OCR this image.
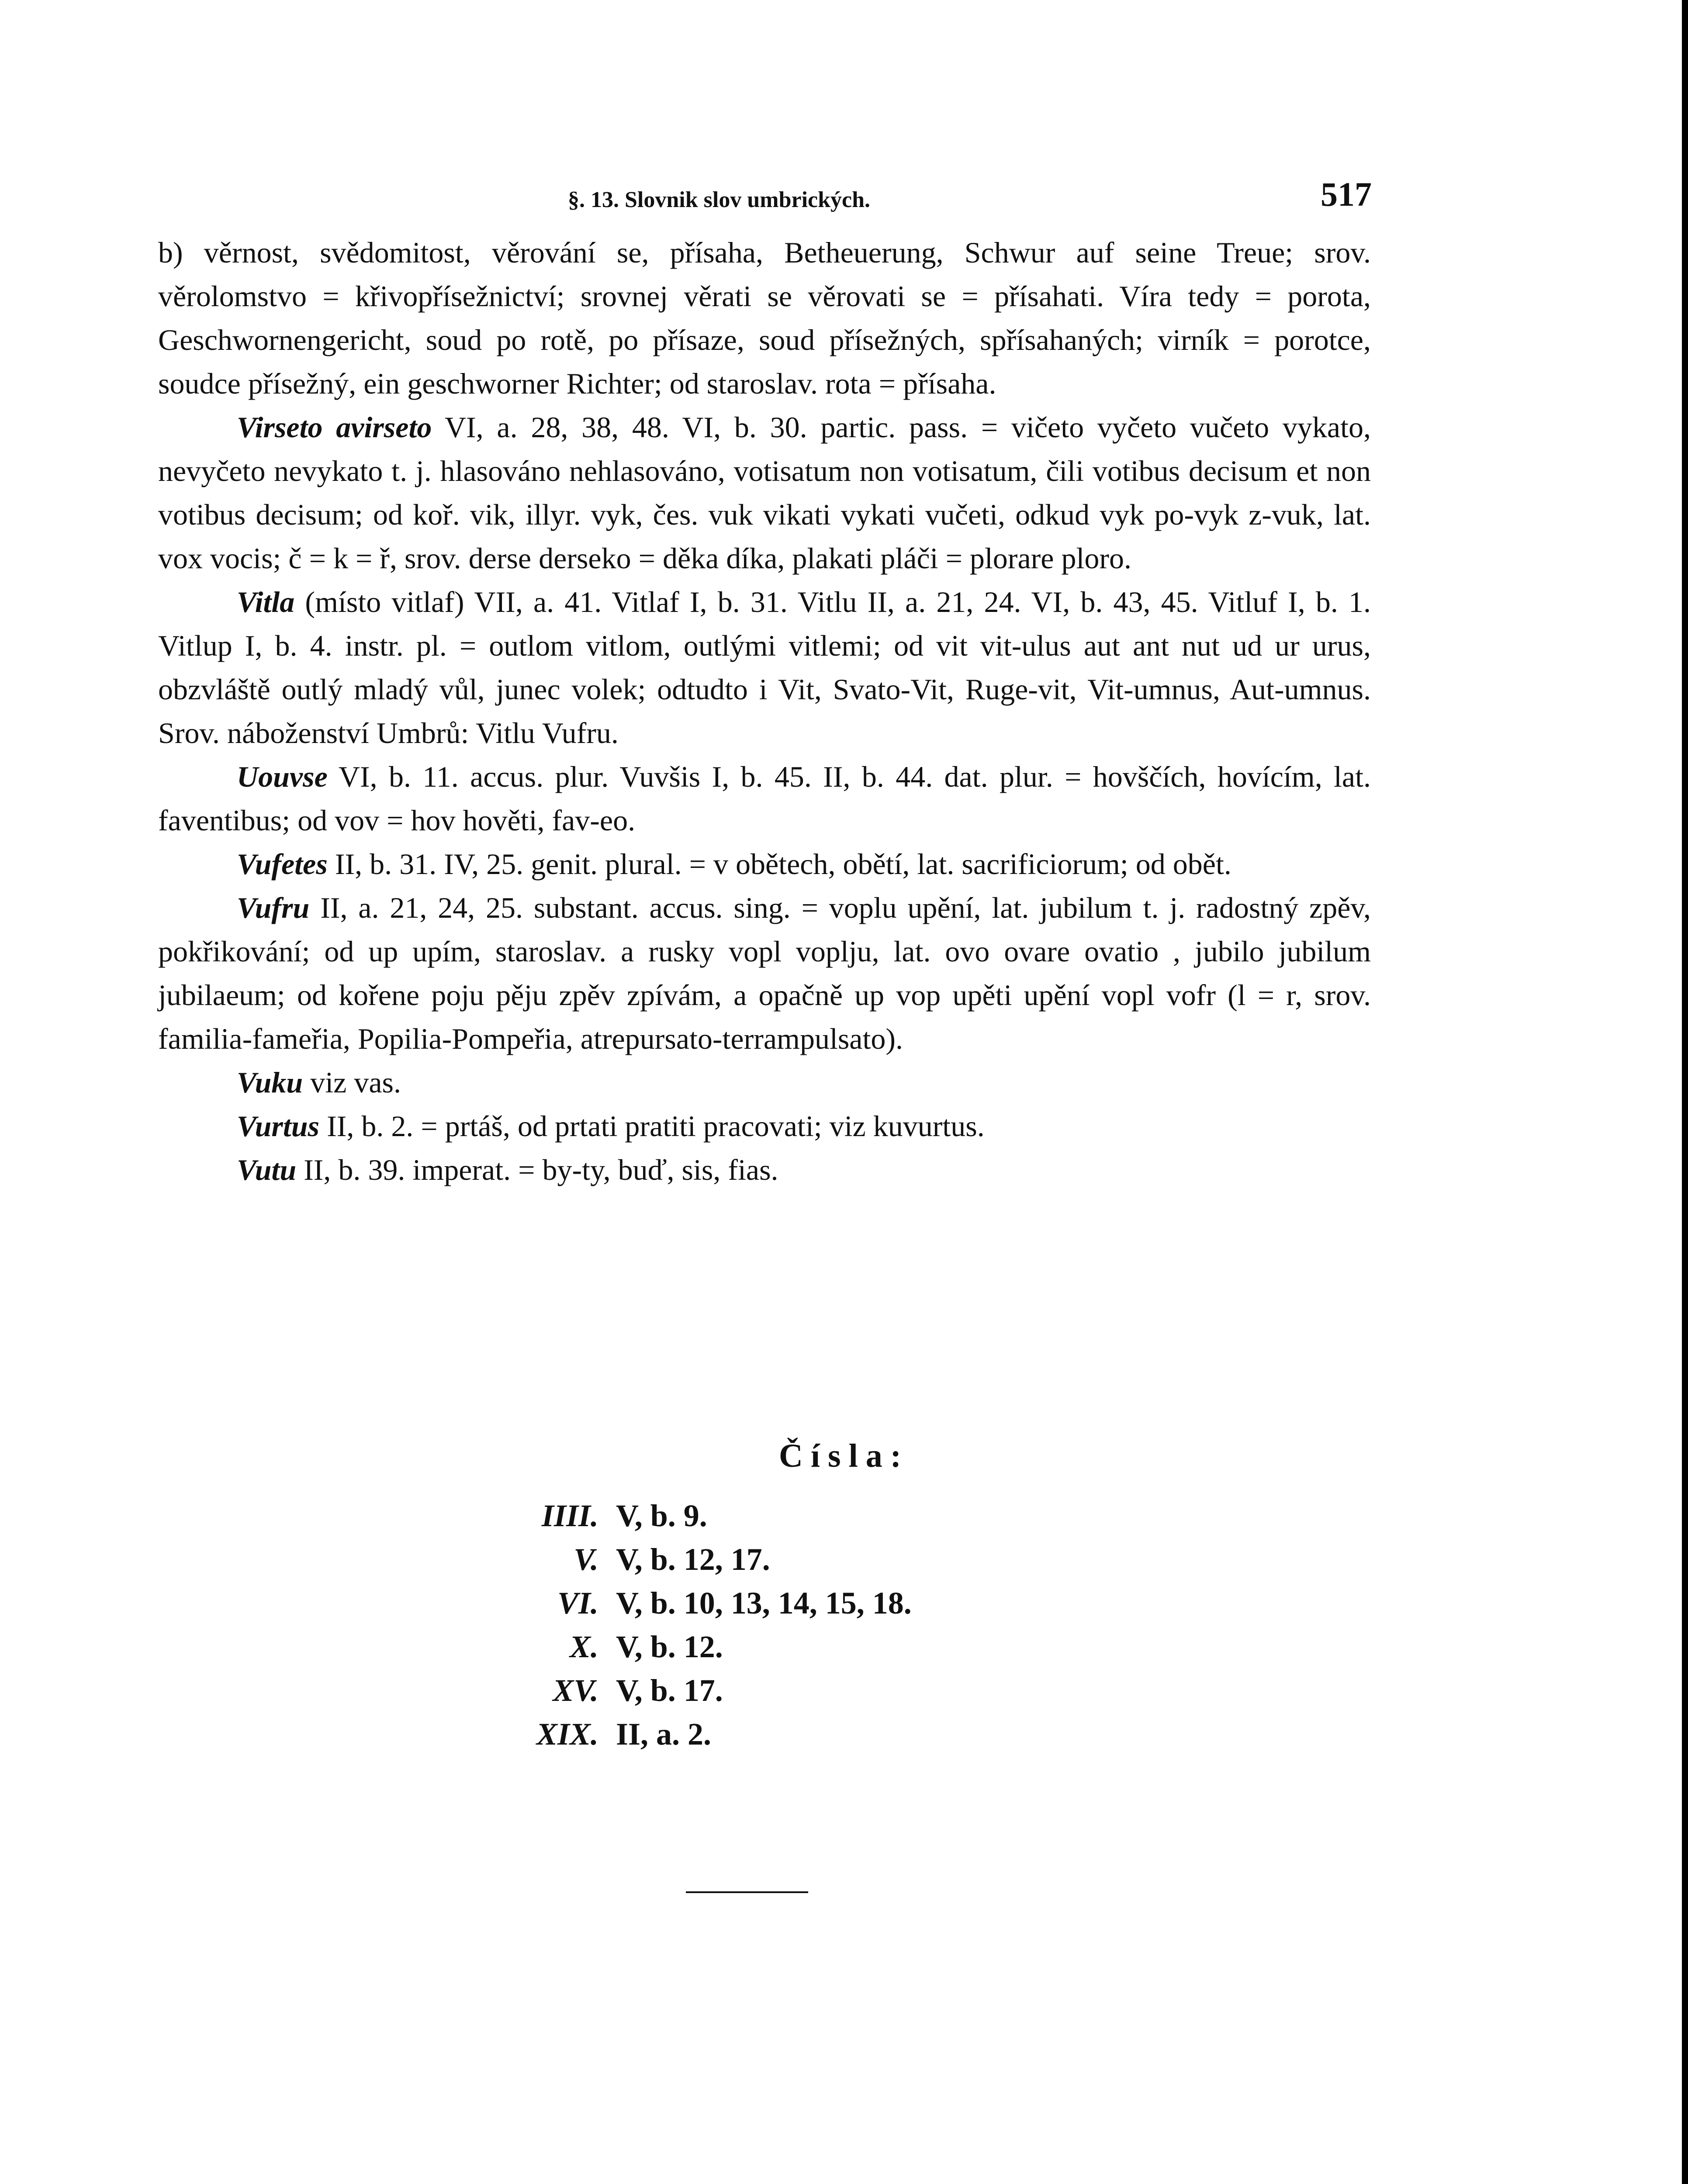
§. 13. Slovnik slov umbrických.	517

b) věrnost, svědomitost, věrování se, přísaha, Betheuerung, Schwur auf seine Treue; srov. věrolomstvo = křivopřísežnictví; srovnej věrati se věrovati se = přísahati. Víra tedy = porota, Geschwornengericht, soud po rotě, po přísaze, soud přísežných, spřísahaných; virník = porotce, soudce přísežný, ein geschworner Richter; od staroslav. rota = přísaha.

Virseto avirseto VI, a. 28, 38, 48. VI, b. 30. partic. pass. = vičeto vyčeto vučeto vykato, nevyčeto nevykato t. j. hlasováno nehlasováno, votisatum non votisatum, čili votibus decisum et non votibus decisum; od koř. vik, illyr. vyk, čes. vuk vikati vykati vučeti, odkud vyk po-vyk z-vuk, lat. vox vocis; č = k = ř, srov. derse derseko = děka díka, plakati pláči = plorare ploro.

Vitla (místo vitlaf) VII, a. 41. Vitlaf I, b. 31. Vitlu II, a. 21, 24. VI, b. 43, 45. Vitluf I, b. 1. Vitlup I, b. 4. instr. pl. = outlom vitlom, outlými vitlemi; od vit vit-ulus aut ant nut ud ur urus, obzvláště outlý mladý vůl, junec volek; odtudto i Vit, Svato-Vit, Ruge-vit, Vit-umnus, Aut-umnus. Srov. náboženství Umbrů: Vitlu Vufru.

Uouvse VI, b. 11. accus. plur. Vuvšis I, b. 45. II, b. 44. dat. plur. = hovščích, hovícím, lat. faventibus; od vov = hov hověti, fav-eo.

Vufetes II, b. 31. IV, 25. genit. plural. = v obětech, obětí, lat. sacrificiorum; od obět.

Vufru II, a. 21, 24, 25. substant. accus. sing. = voplu upění, lat. jubilum t. j. radostný zpěv, pokřikování; od up upím, staroslav. a rusky vopl voplju, lat. ovo ovare ovatio , jubilo jubilum jubilaeum; od kořene poju pěju zpěv zpívám, a opačně up vop upěti upění vopl vofr (l = r, srov. familia-fameřia, Popilia-Pompeřia, atrepursato-terrampulsato).

Vuku viz vas.

Vurtus II, b. 2. = prtáš, od prtati pratiti pracovati; viz kuvurtus.

Vutu II, b. 39. imperat. = by-ty, buď, sis, fias.

Čísla:
IIII. V, b. 9.
V. V, b. 12, 17.
VI. V, b. 10, 13, 14, 15, 18.
X. V, b. 12.
XV. V, b. 17.
XIX. II, a. 2.
